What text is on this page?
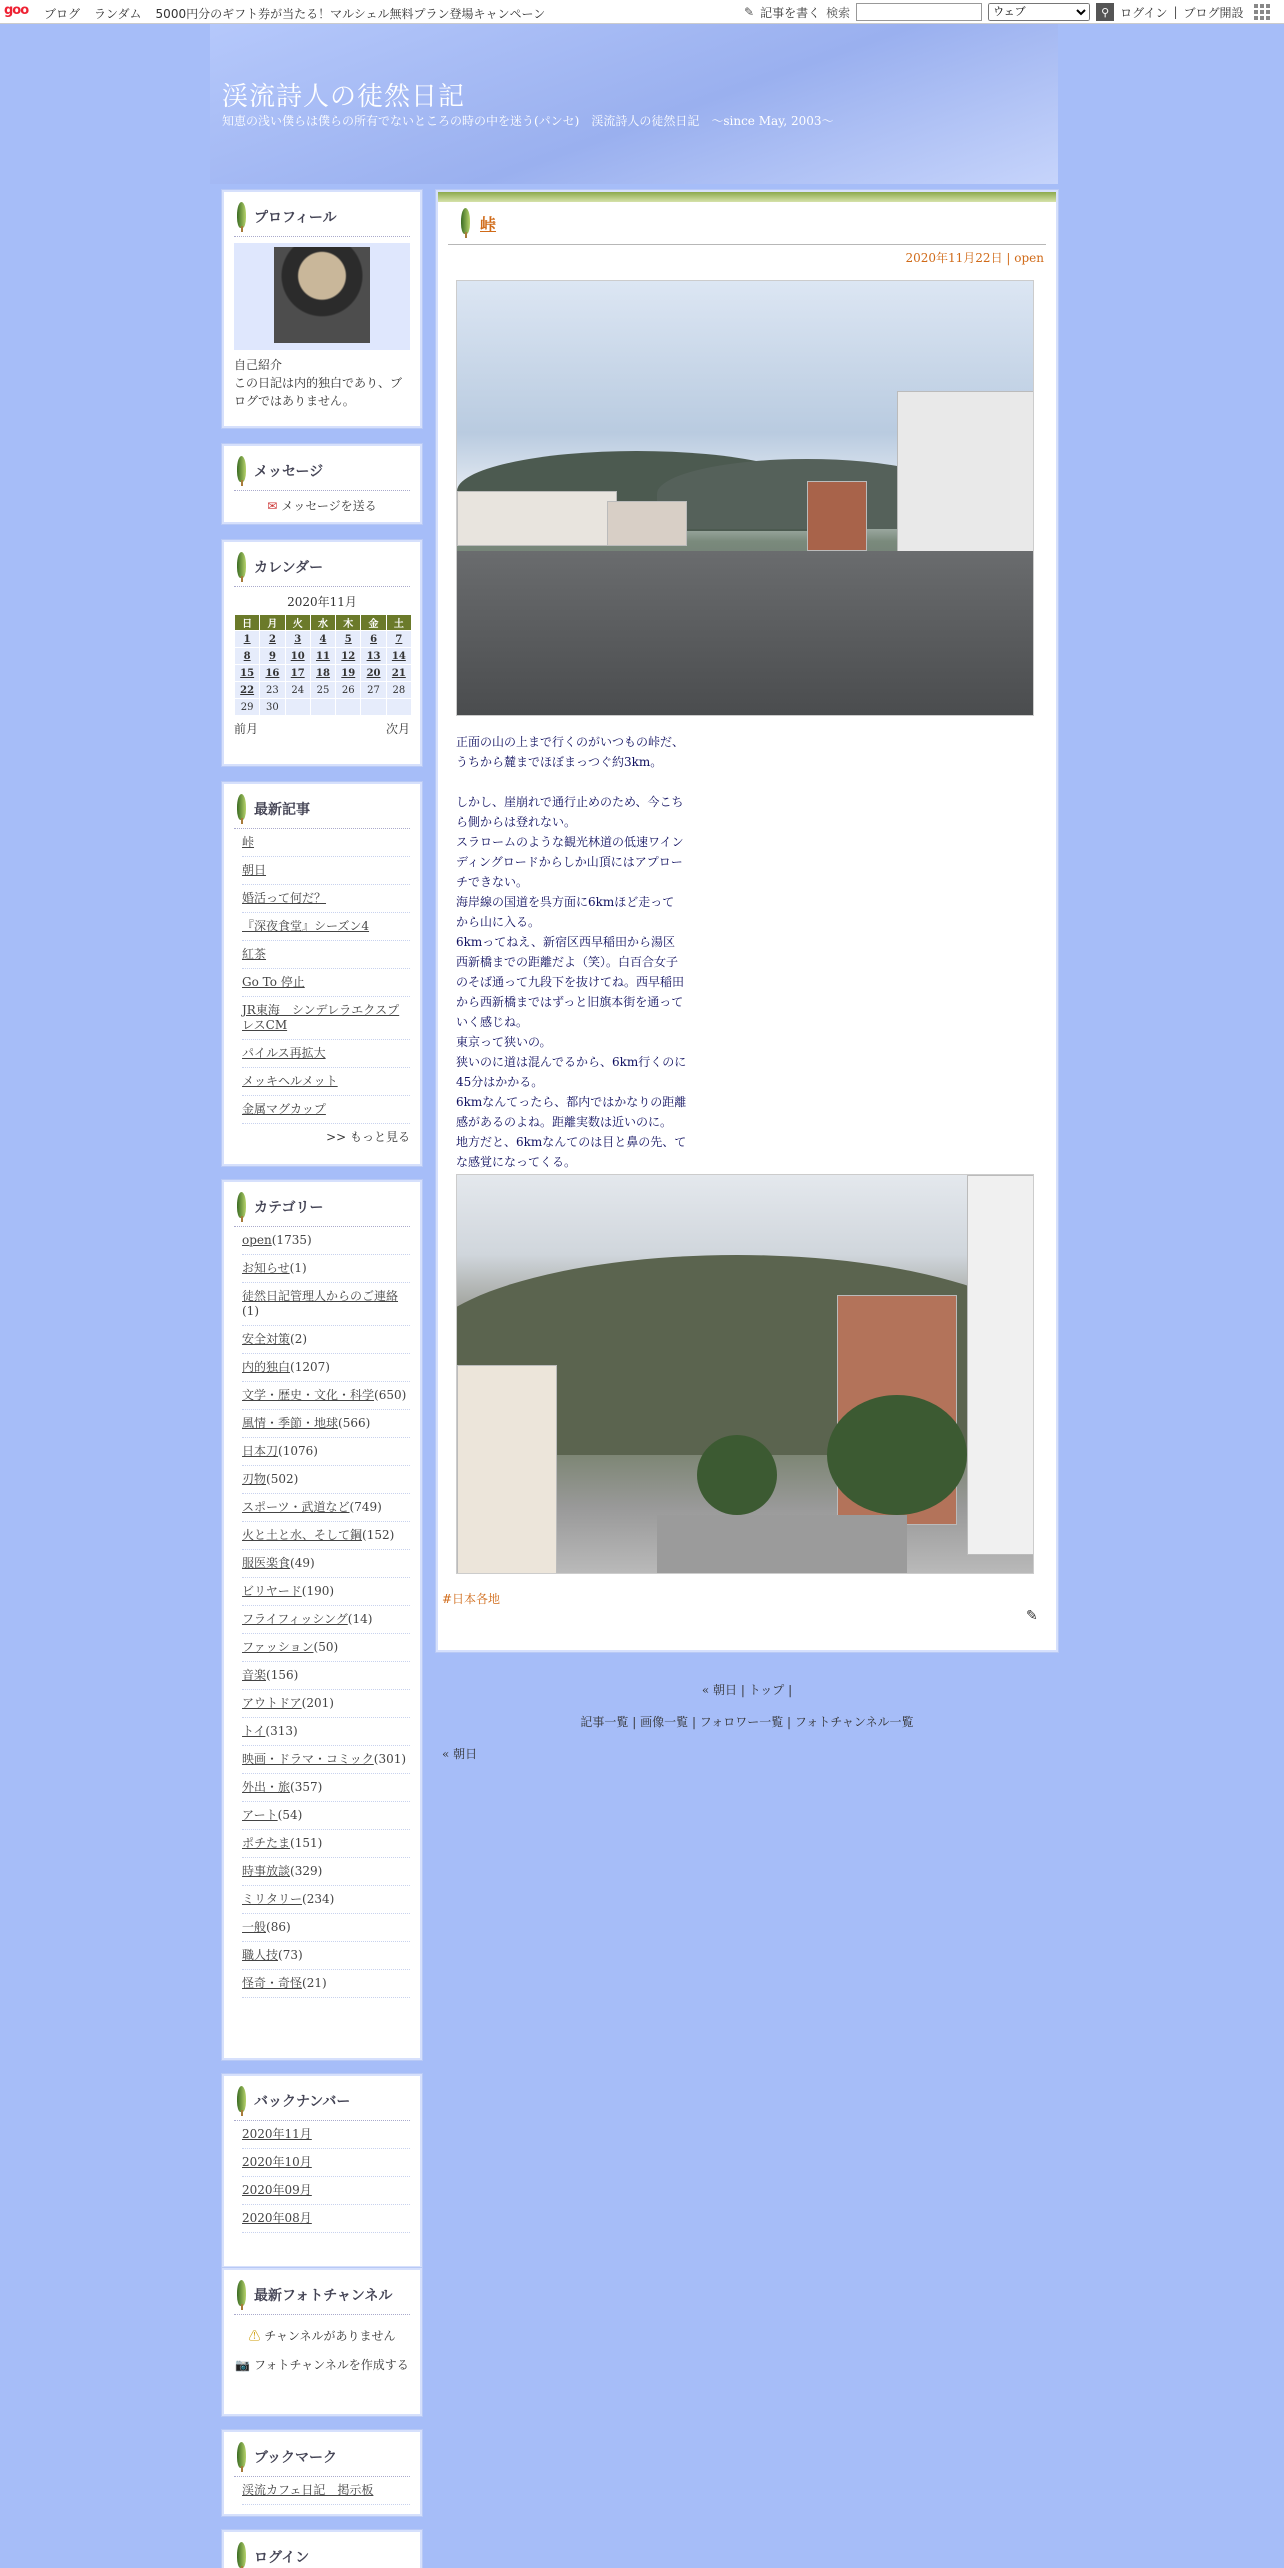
goo ブログ ランダム 5000円分のギフト券が当たる！マルシェル無料プラン登場キャンペーン	✎ 記事を書く 検索
ウェブ	⚲ ログイン | ブログ開設
渓流詩人の徒然日記
知恵の浅い僕らは僕らの所有でないところの時の中を迷う(パンセ)　渓流詩人の徒然日記　～since May, 2003～
プロフィール
自己紹介
この日記は内的独白であり、ブログではありません。
メッセージ
✉ メッセージを送る
カレンダー
2020年11月
日	月	火	水	木	金	土
1	2	3	4	5	6	7
8	9	10	11	12	13	14
15	16	17	18	19	20	21
22	23	24	25	26	27	28
29	30					
前月	次月
最新記事
峠
朝日
婚活って何だ？
『深夜食堂』シーズン4
紅茶
Go To 停止
JR東海　シンデレラエクスプレスCM
パイルス再拡大
メッキヘルメット
金属マグカップ
>> もっと見る
カテゴリー
open(1735)
お知らせ(1)
徒然日記管理人からのご連絡(1)
安全対策(2)
内的独白(1207)
文学・歴史・文化・科学(650)
風情・季節・地球(566)
日本刀(1076)
刃物(502)
スポーツ・武道など(749)
火と土と水、そして鋼(152)
服医楽食(49)
ビリヤード(190)
フライフィッシング(14)
ファッション(50)
音楽(156)
アウトドア(201)
トイ(313)
映画・ドラマ・コミック(301)
外出・旅(357)
アート(54)
ポチたま(151)
時事放談(329)
ミリタリー(234)
一般(86)
職人技(73)
怪奇・奇怪(21)
バックナンバー
2020年11月
2020年10月
2020年09月
2020年08月
最新フォトチャンネル
⚠ チャンネルがありません
📷 フォトチャンネルを作成する
ブックマーク
渓流カフェ日記　掲示板
ログイン
峠
2020年11月22日 | open
正面の山の上まで行くのがいつもの峠だ、
うちから麓までほぼまっつぐ約3km。

しかし、崖崩れで通行止めのため、今こち
ら側からは登れない。
スラロームのような観光林道の低速ワイン
ディングロードからしか山頂にはアプロー
チできない。
海岸線の国道を呉方面に6kmほど走って
から山に入る。
6kmってねえ、新宿区西早稲田から湯区
西新橋までの距離だよ（笑）。白百合女子
のそば通って九段下を抜けてね。西早稲田
から西新橋まではずっと旧旗本街を通って
いく感じね。
東京って狭いの。
狭いのに道は混んでるから、6km行くのに
45分はかかる。
6kmなんてったら、都内ではかなりの距離
感があるのよね。距離実数は近いのに。
地方だと、6kmなんてのは目と鼻の先、て
な感覚になってくる。
#日本各地
✎
« 朝日 | トップ |
記事一覧 | 画像一覧 | フォロワー一覧 | フォトチャンネル一覧
« 朝日
